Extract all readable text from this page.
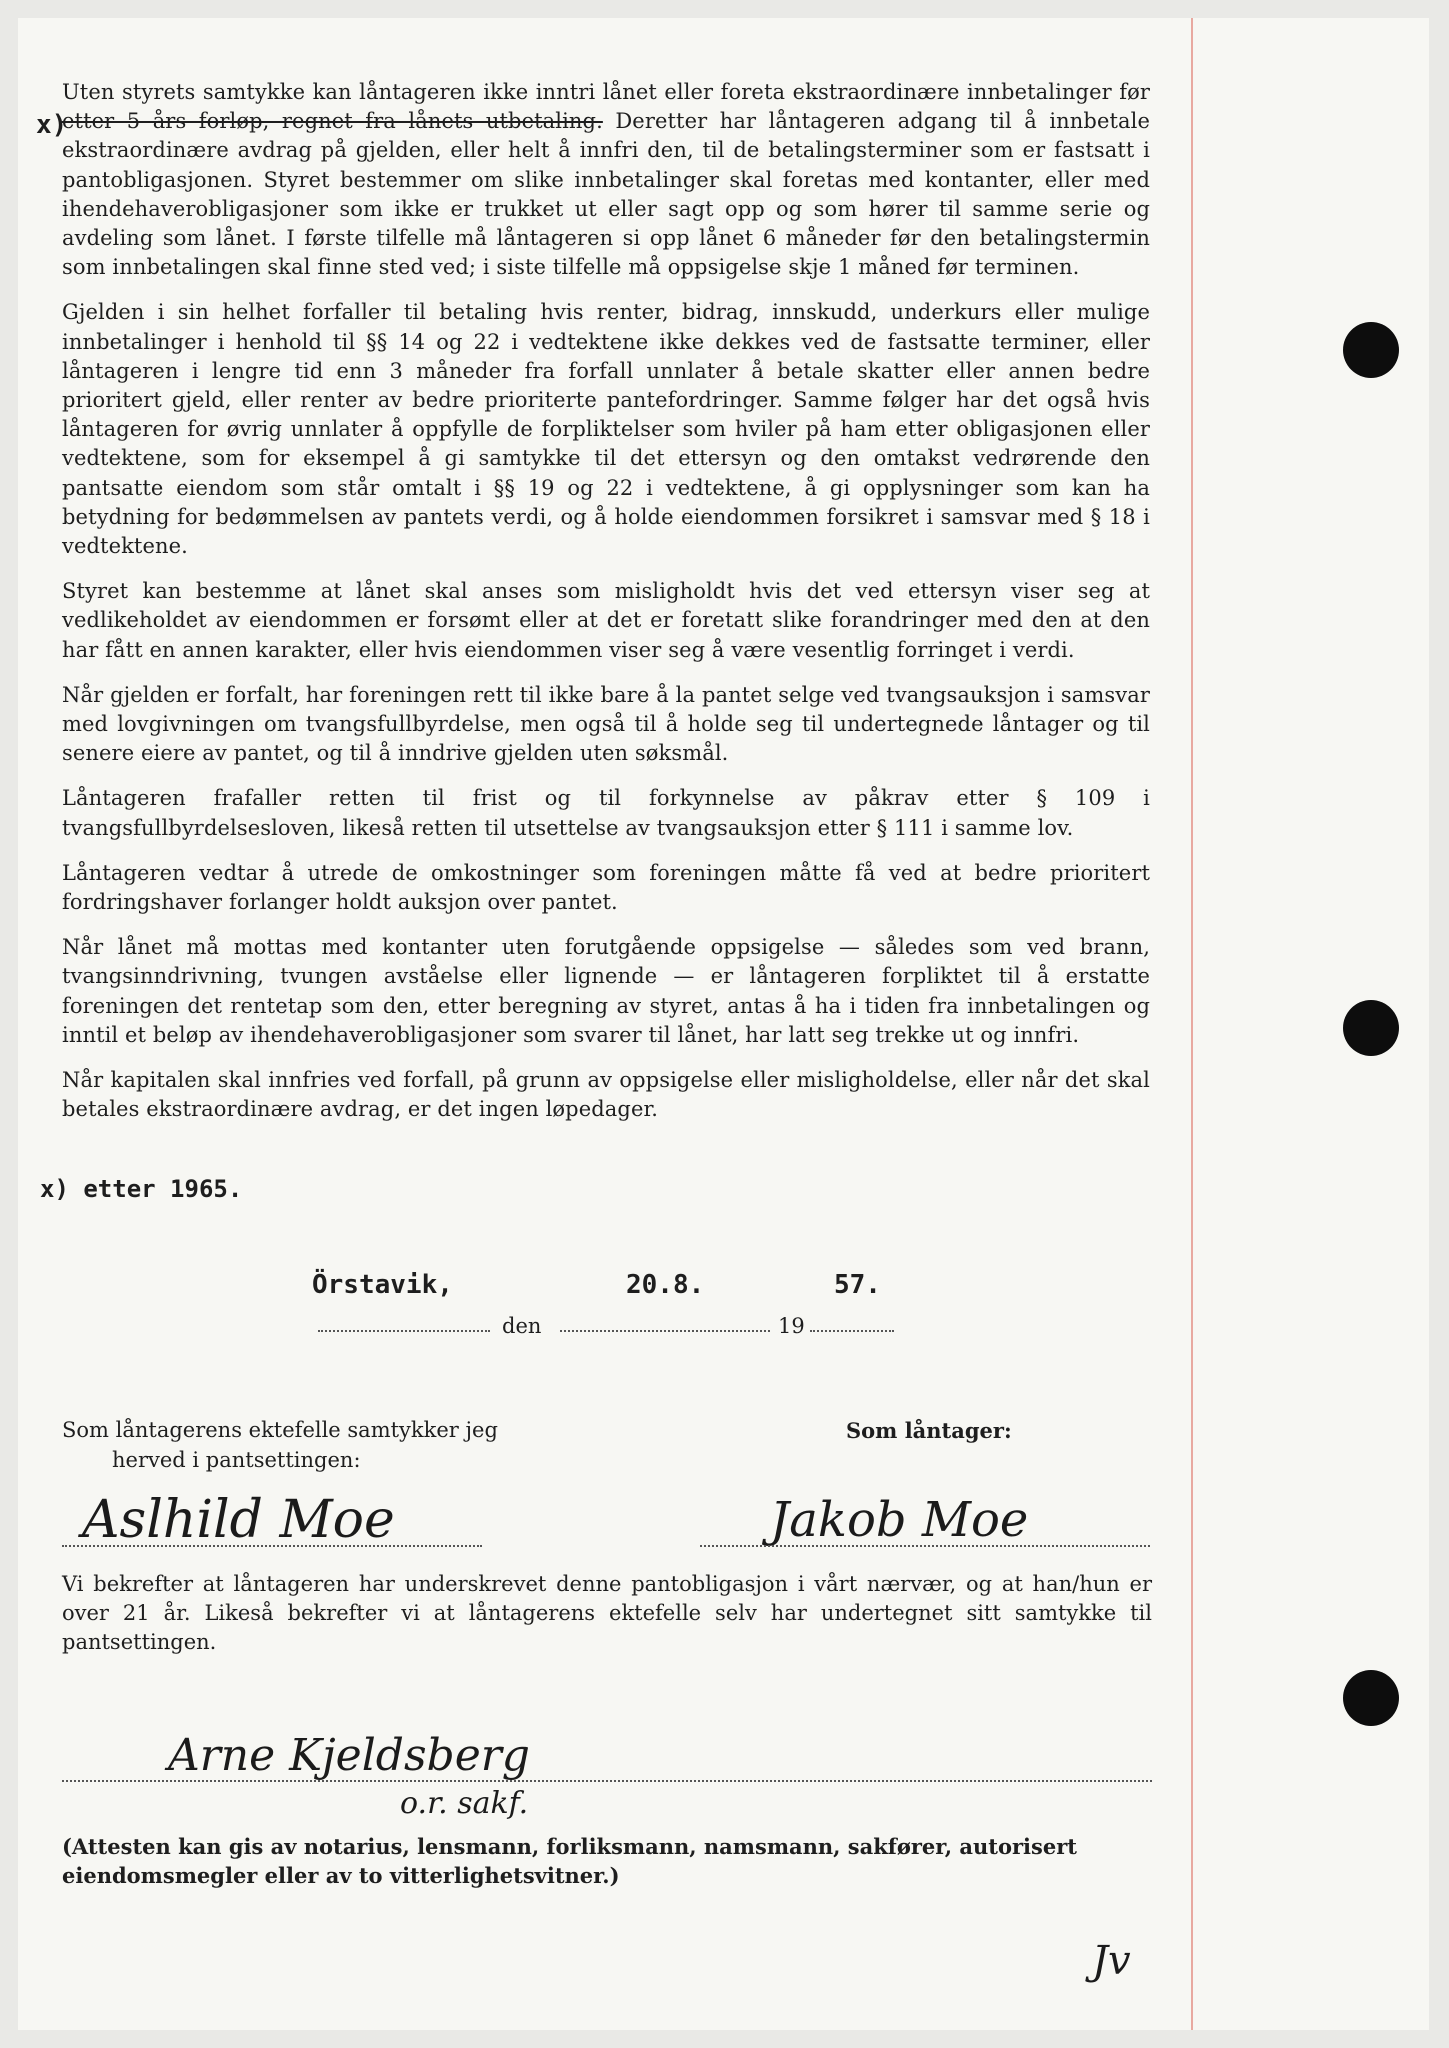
x)

Uten styrets samtykke kan låntageren ikke inntri lånet eller foreta ekstraordinære innbetalinger før etter 5 års forløp, regnet fra lånets utbetaling. Deretter har låntageren adgang til å innbetale ekstraordinære avdrag på gjelden, eller helt å innfri den, til de betalingsterminer som er fastsatt i pantobligasjonen. Styret bestemmer om slike innbetalinger skal foretas med kontanter, eller med ihendehaverobligasjoner som ikke er trukket ut eller sagt opp og som hører til samme serie og avdeling som lånet. I første tilfelle må låntageren si opp lånet 6 måneder før den betalingstermin som innbetalingen skal finne sted ved; i siste tilfelle må oppsigelse skje 1 måned før terminen.

Gjelden i sin helhet forfaller til betaling hvis renter, bidrag, innskudd, underkurs eller mulige innbetalinger i henhold til §§ 14 og 22 i vedtektene ikke dekkes ved de fastsatte terminer, eller låntageren i lengre tid enn 3 måneder fra forfall unnlater å betale skatter eller annen bedre prioritert gjeld, eller renter av bedre prioriterte pantefordringer. Samme følger har det også hvis låntageren for øvrig unnlater å oppfylle de forpliktelser som hviler på ham etter obligasjonen eller vedtektene, som for eksempel å gi samtykke til det ettersyn og den omtakst vedrørende den pantsatte eiendom som står omtalt i §§ 19 og 22 i vedtektene, å gi opplysninger som kan ha betydning for bedømmelsen av pantets verdi, og å holde eiendommen forsikret i samsvar med § 18 i vedtektene.

Styret kan bestemme at lånet skal anses som misligholdt hvis det ved ettersyn viser seg at vedlikeholdet av eiendommen er forsømt eller at det er foretatt slike forandringer med den at den har fått en annen karakter, eller hvis eiendommen viser seg å være vesentlig forringet i verdi.

Når gjelden er forfalt, har foreningen rett til ikke bare å la pantet selge ved tvangsauksjon i samsvar med lovgivningen om tvangsfullbyrdelse, men også til å holde seg til undertegnede låntager og til senere eiere av pantet, og til å inndrive gjelden uten søksmål.

Låntageren frafaller retten til frist og til forkynnelse av påkrav etter § 109 i tvangsfullbyrdelsesloven, likeså retten til utsettelse av tvangsauksjon etter § 111 i samme lov.

Låntageren vedtar å utrede de omkostninger som foreningen måtte få ved at bedre prioritert fordringshaver forlanger holdt auksjon over pantet.

Når lånet må mottas med kontanter uten forutgående oppsigelse — således som ved brann, tvangsinndrivning, tvungen avståelse eller lignende — er låntageren forpliktet til å erstatte foreningen det rentetap som den, etter beregning av styret, antas å ha i tiden fra innbetalingen og inntil et beløp av ihendehaverobligasjoner som svarer til lånet, har latt seg trekke ut og innfri.

Når kapitalen skal innfries ved forfall, på grunn av oppsigelse eller misligholdelse, eller når det skal betales ekstraordinære avdrag, er det ingen løpedager.

x) etter 1965.
Örstavik,
den
20.8.
19
57.
Som låntagerens ektefelle samtykker jeg
herved i pantsettingen:
Som låntager:
Aslhild Moe	Jakob Moe

Vi bekrefter at låntageren har underskrevet denne pantobligasjon i vårt nærvær, og at han/hun er over 21 år. Likeså bekrefter vi at låntagerens ektefelle selv har undertegnet sitt samtykke til pantsettingen.

Arne Kjeldsberg
o.r. sakf.

(Attesten kan gis av notarius, lensmann, forliksmann, namsmann, sakfører, autorisert eiendomsmegler eller av to vitterlighetsvitner.)

Jv
